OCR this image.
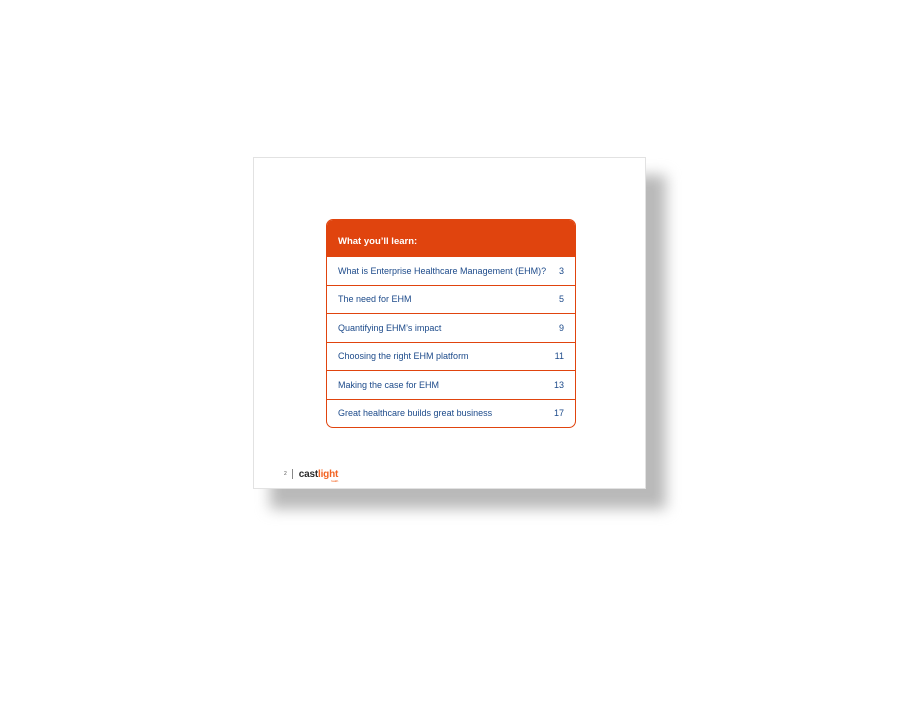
What you’ll learn:
What is Enterprise Healthcare Management (EHM)? 3
The need for EHM	5
Quantifying EHM’s impact	9
Choosing the right EHM platform	11
Making the case for EHM	13
Great healthcare builds great business	17
2 castlight
health
